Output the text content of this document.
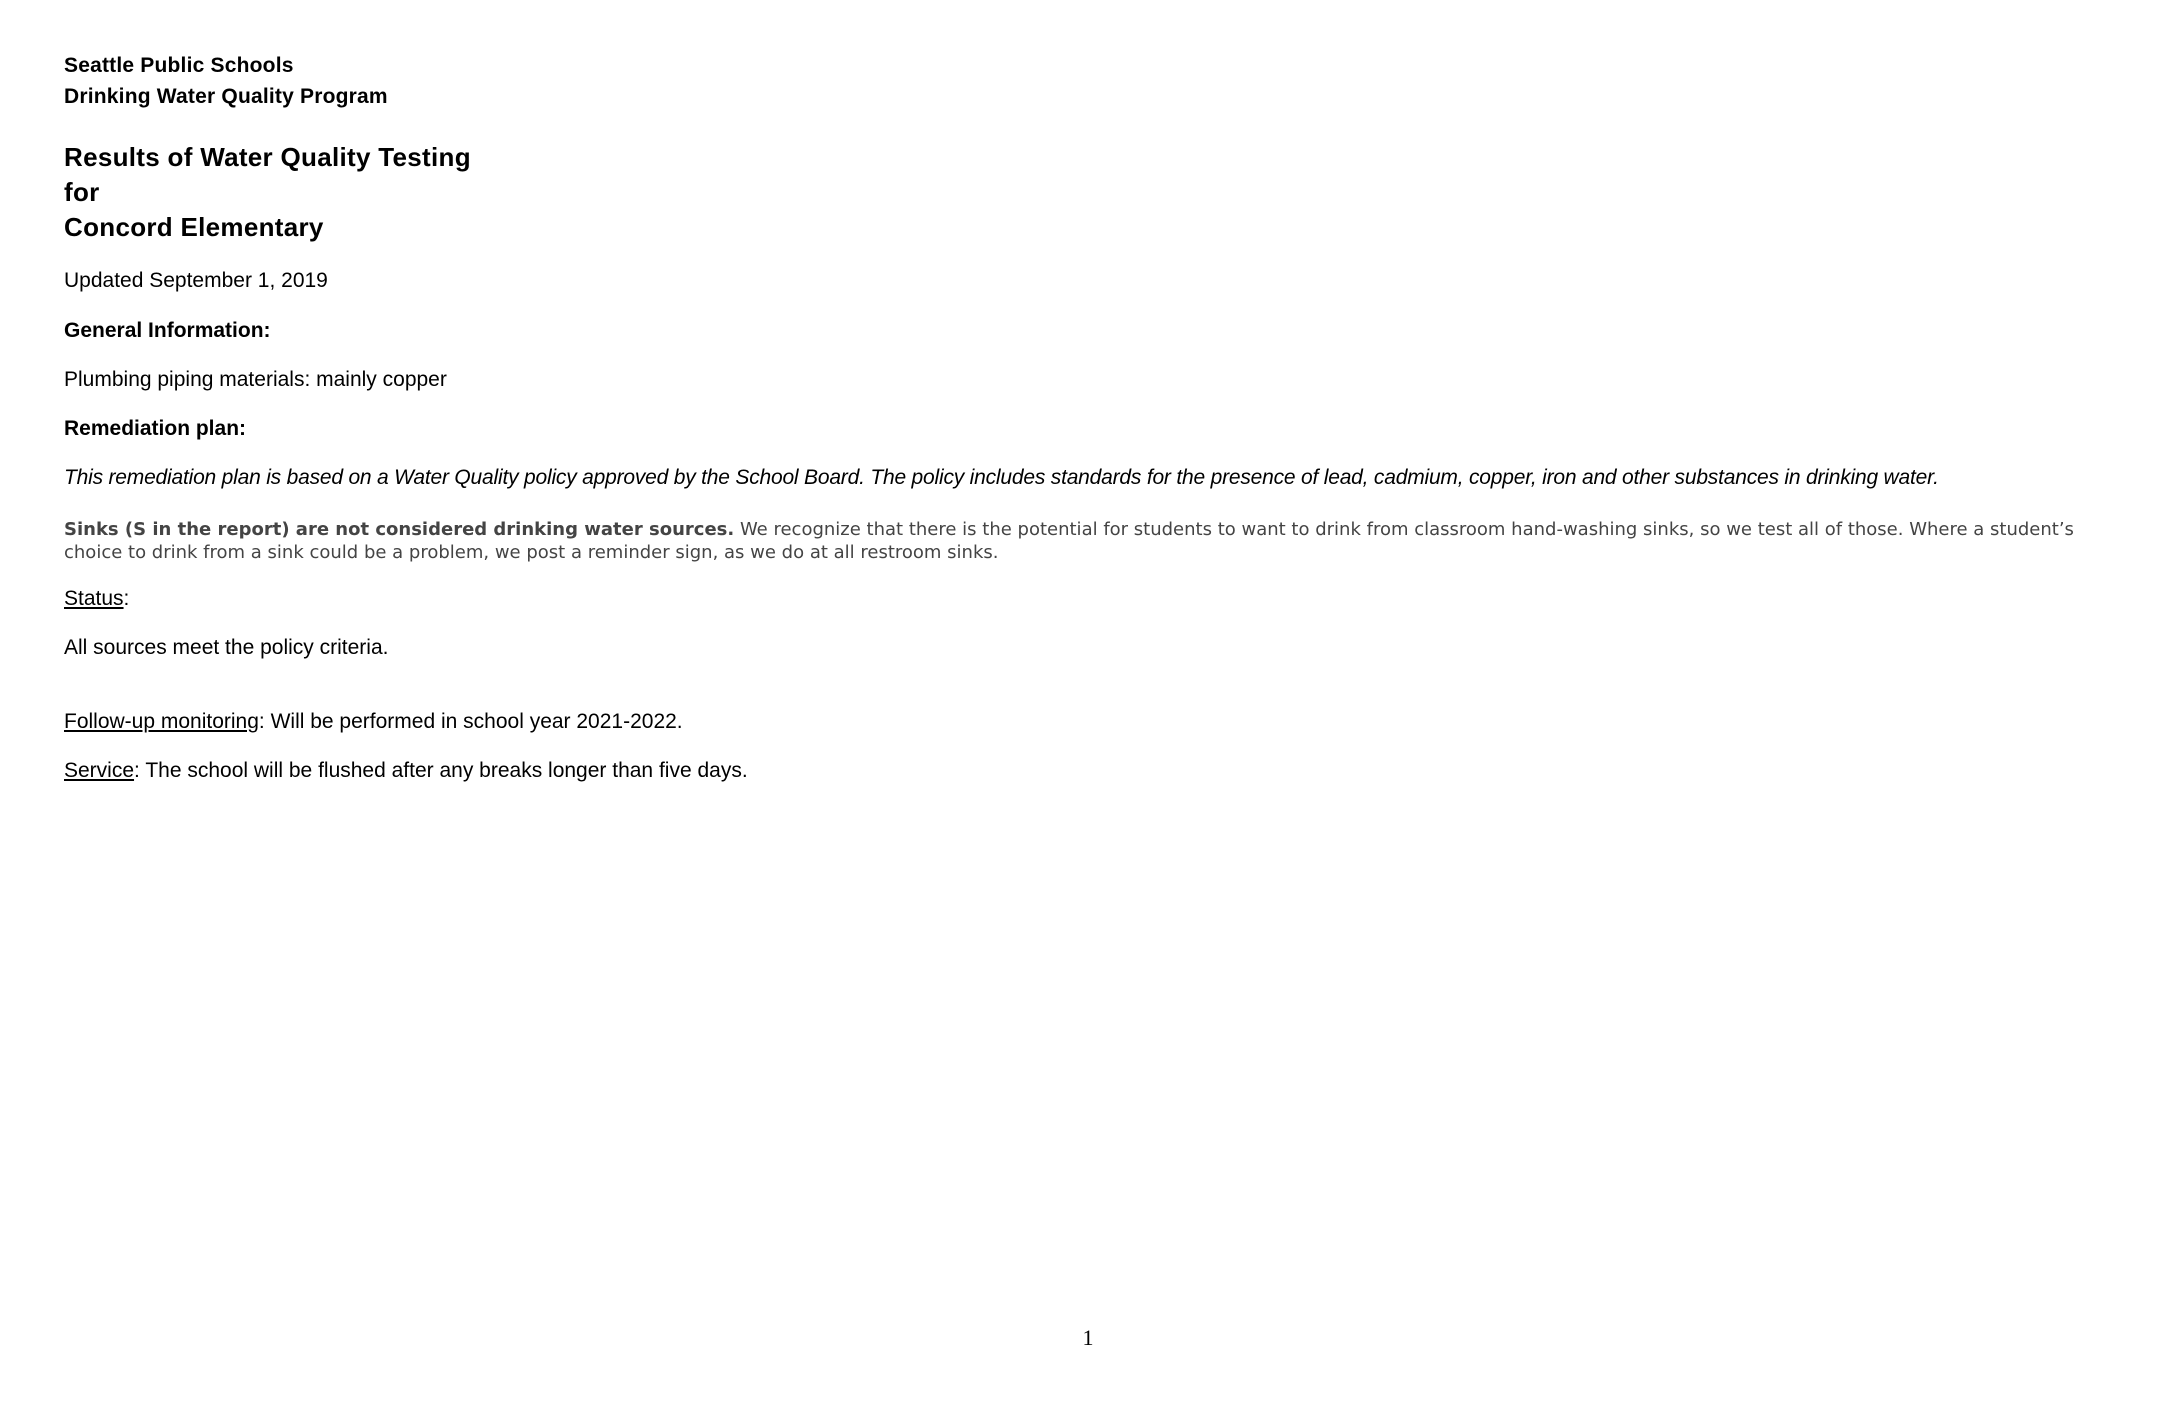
Seattle Public Schools
Drinking Water Quality Program
Results of Water Quality Testing
for
Concord Elementary
Updated September 1, 2019
General Information:
Plumbing piping materials: mainly copper
Remediation plan:
This remediation plan is based on a Water Quality policy approved by the School Board. The policy includes standards for the presence of lead, cadmium, copper, iron and other substances in drinking water.
Sinks (S in the report) are not considered drinking water sources. We recognize that there is the potential for students to want to drink from classroom hand-washing sinks, so we test all of those. Where a student’s choice to drink from a sink could be a problem, we post a reminder sign, as we do at all restroom sinks.
Status:
All sources meet the policy criteria.
Follow-up monitoring: Will be performed in school year 2021-2022.
Service: The school will be flushed after any breaks longer than five days.
1
